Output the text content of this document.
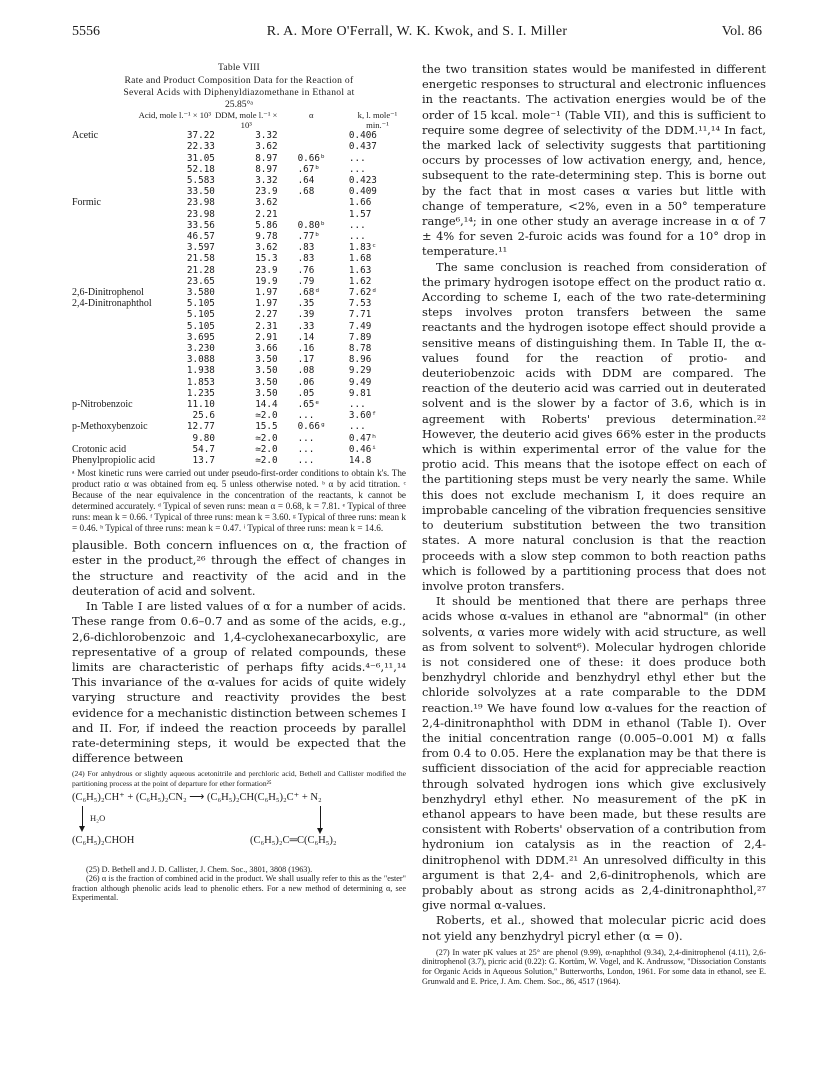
5556	R. A. More O'Ferrall, W. K. Kwok, and S. I. Miller	Vol. 86
Table VIII
Rate and Product Composition Data for the Reaction of
Several Acids with Diphenyldiazomethane in Ethanol at
25.85°ᵃ
Acid, mole l.⁻¹ × 10³		DDM, mole l.⁻¹ × 10³	α	k, l. mole⁻¹ min.⁻¹
Acetic	37.22	3.32		0.406
	22.33	3.62		0.437
	31.05	8.97	0.66ᵇ	...
	52.18	8.97	.67ᵇ	...
	5.583	3.32	.64	0.423
	33.50	23.9	.68	0.409
Formic	23.98	3.62		1.66
	23.98	2.21		1.57
	33.56	5.86	0.80ᵇ	...
	46.57	9.78	.77ᵇ	...
	3.597	3.62	.83	1.83ᶜ
	21.58	15.3	.83	1.68
	21.28	23.9	.76	1.63
	23.65	19.9	.79	1.62
2,6-Dinitrophenol	3.580	1.97	.68ᵈ	7.62ᵈ
2,4-Dinitronaphthol	5.105	1.97	.35	7.53
	5.105	2.27	.39	7.71
	5.105	2.31	.33	7.49
	3.695	2.91	.14	7.89
	3.230	3.66	.16	8.78
	3.088	3.50	.17	8.96
	1.938	3.50	.08	9.29
	1.853	3.50	.06	9.49
	1.235	3.50	.05	9.81
p-Nitrobenzoic	11.10	14.4	.65ᵉ	...
	25.6	≃2.0	...	3.60ᶠ
p-Methoxybenzoic	12.77	15.5	0.66ᵍ	...
	9.80	≃2.0	...	0.47ʰ
Crotonic acid	54.7	≃2.0	...	0.46ⁱ
Phenylpropiolic acid	13.7	≃2.0	...	14.8
ᵃ Most kinetic runs were carried out under pseudo-first-order conditions to obtain k's. The product ratio α was obtained from eq. 5 unless otherwise noted. ᵇ α by acid titration. ᶜ Because of the near equivalence in the concentration of the reactants, k cannot be determined accurately. ᵈ Typical of seven runs: mean α = 0.68, k = 7.81. ᵉ Typical of three runs: mean k = 0.66. ᶠ Typical of three runs: mean k = 3.60. ᵍ Typical of three runs: mean k = 0.46. ʰ Typical of three runs: mean k = 0.47. ⁱ Typical of three runs: mean k = 14.6.

plausible. Both concern influences on α, the fraction of ester in the product,²⁶ through the effect of changes in the structure and reactivity of the acid and in the deuteration of acid and solvent.

In Table I are listed values of α for a number of acids. These range from 0.6–0.7 and as some of the acids, e.g., 2,6-dichlorobenzoic and 1,4-cyclohexanecarboxylic, are representative of a group of related compounds, these limits are characteristic of perhaps fifty acids.⁴⁻⁶,¹¹,¹⁴ This invariance of the α-values for acids of quite widely varying structure and reactivity provides the best evidence for a mechanistic distinction between schemes I and II. For, if indeed the reaction proceeds by parallel rate-determining steps, it would be expected that the difference between

(24) For anhydrous or slightly aqueous acetonitrile and perchloric acid, Bethell and Callister modified the partitioning process at the point of departure for ether formation²⁵

(C₆H₅)₂CH⁺ + (C₆H₅)₂CN₂ ⟶ (C₆H₅)₂CH(C₆H₅)₂C⁺ + N₂
H₂O
(C₆H₅)₂CHOH	(C₆H₅)₂C═C(C₆H₅)₂

(25) D. Bethell and J. D. Callister, J. Chem. Soc., 3801, 3808 (1963).

(26) α is the fraction of combined acid in the product. We shall usually refer to this as the "ester" fraction although phenolic acids lead to phenolic ethers. For a new method of determining α, see Experimental.

the two transition states would be manifested in different energetic responses to structural and electronic influences in the reactants. The activation energies would be of the order of 15 kcal. mole⁻¹ (Table VII), and this is sufficient to require some degree of selectivity of the DDM.¹¹,¹⁴ In fact, the marked lack of selectivity suggests that partitioning occurs by processes of low activation energy, and, hence, subsequent to the rate-determining step. This is borne out by the fact that in most cases α varies but little with change of temperature, <2%, even in a 50° temperature range⁶,¹⁴; in one other study an average increase in α of 7 ± 4% for seven 2-furoic acids was found for a 10° drop in temperature.¹¹

The same conclusion is reached from consideration of the primary hydrogen isotope effect on the product ratio α. According to scheme I, each of the two rate-determining steps involves proton transfers between the same reactants and the hydrogen isotope effect should provide a sensitive means of distinguishing them. In Table II, the α-values found for the reaction of protio- and deuteriobenzoic acids with DDM are compared. The reaction of the deuterio acid was carried out in deuterated solvent and is the slower by a factor of 3.6, which is in agreement with Roberts' previous determination.²² However, the deuterio acid gives 66% ester in the products which is within experimental error of the value for the protio acid. This means that the isotope effect on each of the partitioning steps must be very nearly the same. While this does not exclude mechanism I, it does require an improbable canceling of the vibration frequencies sensitive to deuterium substitution between the two transition states. A more natural conclusion is that the reaction proceeds with a slow step common to both reaction paths which is followed by a partitioning process that does not involve proton transfers.

It should be mentioned that there are perhaps three acids whose α-values in ethanol are "abnormal" (in other solvents, α varies more widely with acid structure, as well as from solvent to solvent⁶). Molecular hydrogen chloride is not considered one of these: it does produce both benzhydryl chloride and benzhydryl ethyl ether but the chloride solvolyzes at a rate comparable to the DDM reaction.¹⁹ We have found low α-values for the reaction of 2,4-dinitronaphthol with DDM in ethanol (Table I). Over the initial concentration range (0.005–0.001 M) α falls from 0.4 to 0.05. Here the explanation may be that there is sufficient dissociation of the acid for appreciable reaction through solvated hydrogen ions which give exclusively benzhydryl ethyl ether. No measurement of the pK in ethanol appears to have been made, but these results are consistent with Roberts' observation of a contribution from hydronium ion catalysis as in the reaction of 2,4-dinitrophenol with DDM.²¹ An unresolved difficulty in this argument is that 2,4- and 2,6-dinitrophenols, which are probably about as strong acids as 2,4-dinitronaphthol,²⁷ give normal α-values.

Roberts, et al., showed that molecular picric acid does not yield any benzhydryl picryl ether (α = 0).

(27) In water pK values at 25° are phenol (9.99), α-naphthol (9.34), 2,4-dinitrophenol (4.11), 2,6-dinitrophenol (3.7), picric acid (0.22): G. Kortüm, W. Vogel, and K. Andrussow, "Dissociation Constants for Organic Acids in Aqueous Solution," Butterworths, London, 1961. For some data in ethanol, see E. Grunwald and E. Price, J. Am. Chem. Soc., 86, 4517 (1964).
